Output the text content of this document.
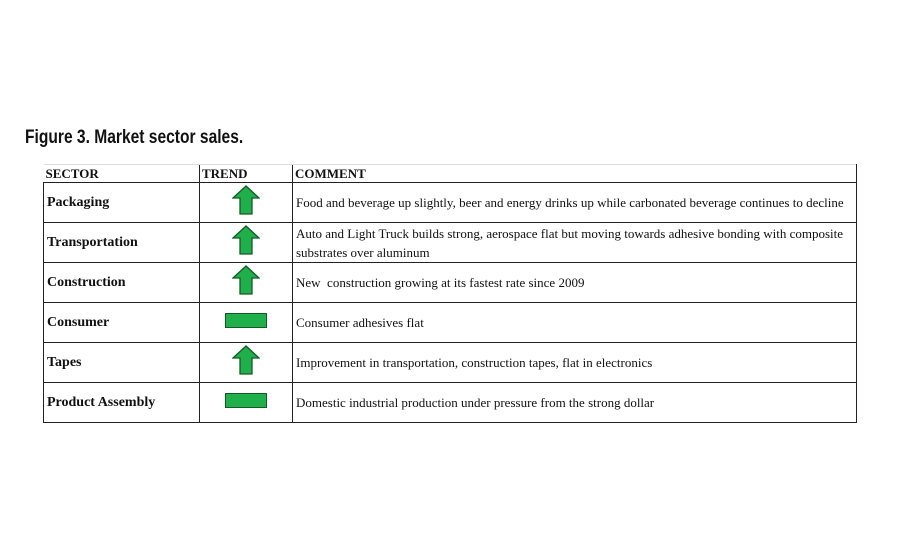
Figure 3. Market sector sales.
SECTOR	TREND	COMMENT
Packaging		Food and beverage up slightly, beer and energy drinks up while carbonated beverage continues to decline
Transportation		Auto and Light Truck builds strong, aerospace flat but moving towards adhesive bonding with composite substrates over aluminum
Construction		New  construction growing at its fastest rate since 2009
Consumer		Consumer adhesives flat
Tapes		Improvement in transportation, construction tapes, flat in electronics
Product Assembly		Domestic industrial production under pressure from the strong dollar
